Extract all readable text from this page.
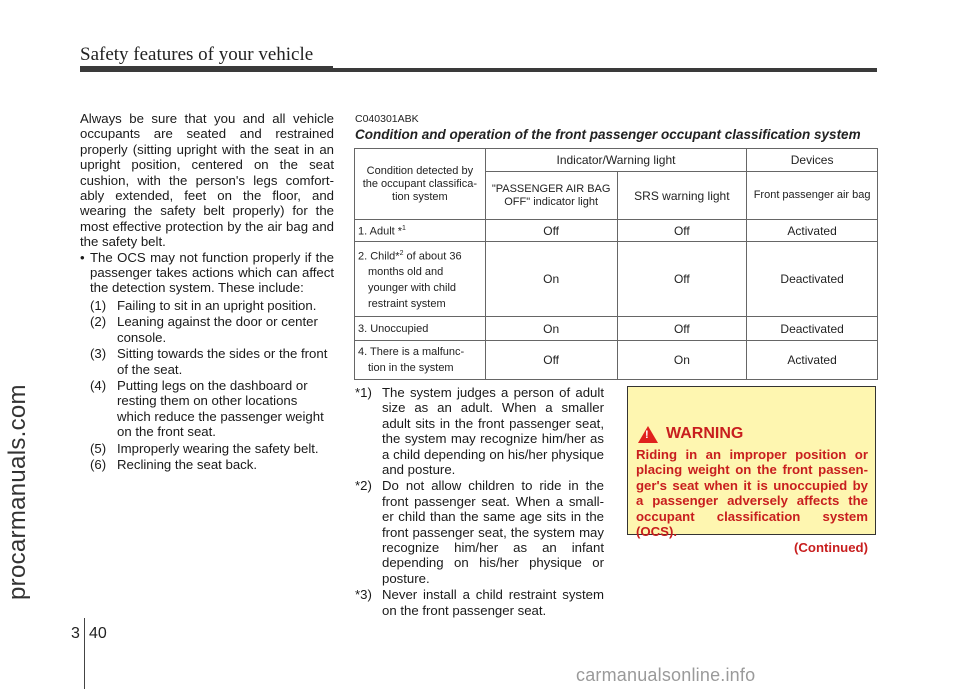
Safety features of your vehicle
procarmanuals.com

Always be sure that you and all vehicle occupants are seated and restrained properly (sitting upright with the seat in an upright position, centered on the seat cushion, with the person's legs comfort- ably extended, feet on the floor, and wearing the safety belt properly) for the most effective protection by the air bag and the safety belt.

• The OCS may not function properly if the passenger takes actions which can affect the detection system. These include:
(1) Failing to sit in an upright position.
(2) Leaning against the door or center console.
(3) Sitting towards the sides or the front of the seat.
(4) Putting legs on the dashboard or resting them on other locations which reduce the passenger weight on the front seat.
(5) Improperly wearing the safety belt.
(6) Reclining the seat back.
C040301ABK
Condition and operation of the front passenger occupant classification system
Condition detected by the occupant classifica- tion system	Indicator/Warning light		Devices
	"PASSENGER AIR BAG OFF" indicator light	SRS warning light	Front passenger air bag
1. Adult *$^1$	Off	Off	Activated
2. Child*$^2$ of about 36
months old and
younger with child
restraint system	On	Off	Deactivated
3. Unoccupied	On	Off	Deactivated
4. There is a malfunc-
tion in the system	Off	On	Activated
*1) The system judges a person of adult size as an adult. When a smaller adult sits in the front passenger seat, the system may recognize him/her as a child depending on his/her physique and posture.
*2) Do not allow children to ride in the front passenger seat. When a small- er child than the same age sits in the front passenger seat, the system may recognize him/her as an infant depending on his/her physique or posture.
*3) Never install a child restraint system on the front passenger seat.
! WARNING
Riding in an improper position or placing weight on the front passen- ger's seat when it is unoccupied by a passenger adversely affects the occupant classification system (OCS).
(Continued)
3 40
carmanualsonline.info
